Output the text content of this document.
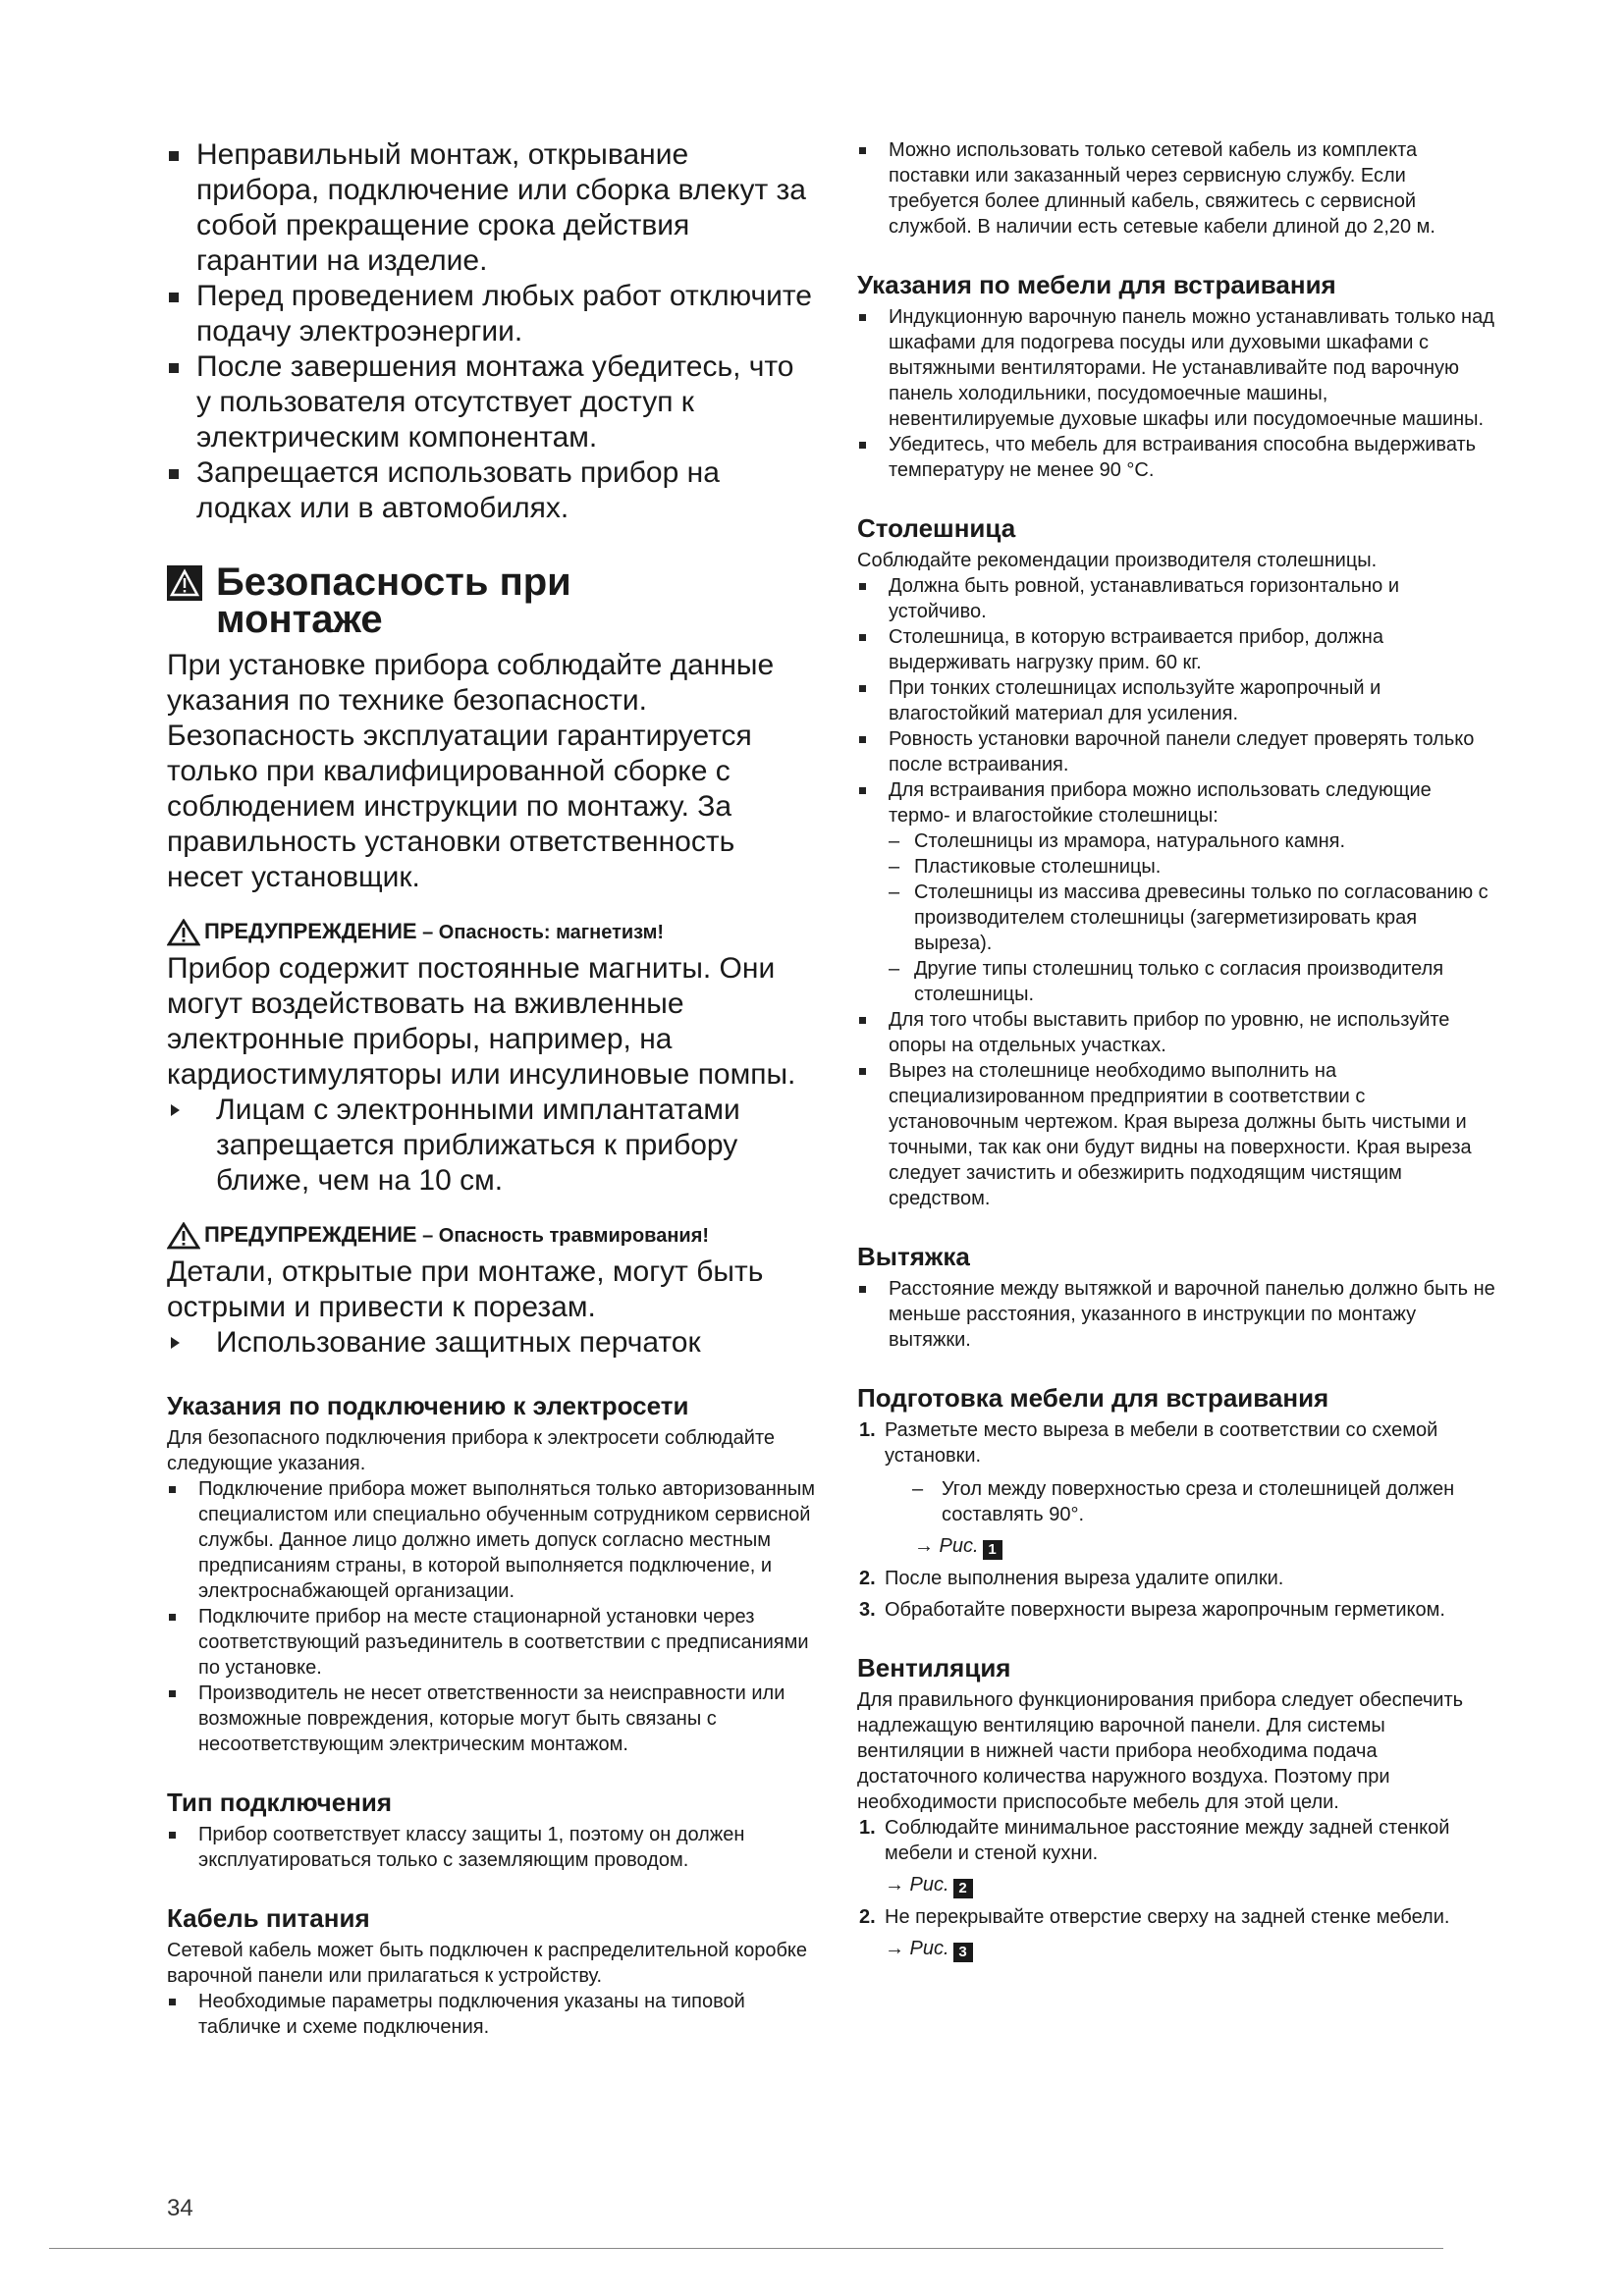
Неправильный монтаж, открывание прибора, подключение или сборка влекут за собой прекращение срока действия гарантии на изделие.
Перед проведением любых работ отключите подачу электроэнергии.
После завершения монтажа убедитесь, что у пользователя отсутствует доступ к электрическим компонентам.
Запрещается использовать прибор на лодках или в автомобилях.
Безопасность при
монтаже

При установке прибора соблюдайте данные указания по технике безопасности.

Безопасность эксплуатации гарантируется только при квалифицированной сборке с соблюдением инструкции по монтажу. За правильность установки ответственность несет установщик.

ПРЕДУПРЕЖДЕНИЕ – Опасность: магнетизм!

Прибор содержит постоянные магниты. Они могут воздействовать на вживленные электронные приборы, например, на кардиостимуляторы или инсулиновые помпы.

Лицам с электронными имплантатами запрещается приближаться к прибору ближе, чем на 10 см.
ПРЕДУПРЕЖДЕНИЕ – Опасность травмирования!

Детали, открытые при монтаже, могут быть острыми и привести к порезам.

Использование защитных перчаток
Указания по подключению к электросети

Для безопасного подключения прибора к электросети соблюдайте следующие указания.

Подключение прибора может выполняться только авторизованным специалистом или специально обученным сотрудником сервисной службы. Данное лицо должно иметь допуск согласно местным предписаниям страны, в которой выполняется подключение, и электроснабжающей организации.
Подключите прибор на месте стационарной установки через соответствующий разъединитель в соответствии с предписаниями по установке.
Производитель не несет ответственности за неисправности или возможные повреждения, которые могут быть связаны с несоответствующим электрическим монтажом.
Тип подключения
Прибор соответствует классу защиты 1, поэтому он должен эксплуатироваться только с заземляющим проводом.
Кабель питания

Сетевой кабель может быть подключен к распределительной коробке варочной панели или прилагаться к устройству.

Необходимые параметры подключения указаны на типовой табличке и схеме подключения.
Можно использовать только сетевой кабель из комплекта поставки или заказанный через сервисную службу. Если требуется более длинный кабель, свяжитесь с сервисной службой. В наличии есть сетевые кабели длиной до 2,20 м.
Указания по мебели для встраивания
Индукционную варочную панель можно устанавливать только над шкафами для подогрева посуды или духовыми шкафами с вытяжными вентиляторами. Не устанавливайте под варочную панель холодильники, посудомоечные машины, невентилируемые духовые шкафы или посудомоечные машины.
Убедитесь, что мебель для встраивания способна выдерживать температуру не менее 90 °С.
Столешница

Соблюдайте рекомендации производителя столешницы.

Должна быть ровной, устанавливаться горизонтально и устойчиво.
Столешница, в которую встраивается прибор, должна выдерживать нагрузку прим. 60 кг.
При тонких столешницах используйте жаропрочный и влагостойкий материал для усиления.
Ровность установки варочной панели следует проверять только после встраивания.
Для встраивания прибора можно использовать следующие термо- и влагостойкие столешницы:
– Столешницы из мрамора, натурального камня.
– Пластиковые столешницы.
– Столешницы из массива древесины только по согласованию с производителем столешницы (загерметизировать края выреза).
– Другие типы столешниц только с согласия производителя столешницы.
Для того чтобы выставить прибор по уровню, не используйте опоры на отдельных участках.
Вырез на столешнице необходимо выполнить на специализированном предприятии в соответствии с установочным чертежом. Края выреза должны быть чистыми и точными, так как они будут видны на поверхности. Края выреза следует зачистить и обезжирить подходящим чистящим средством.
Вытяжка
Расстояние между вытяжкой и варочной панелью должно быть не меньше расстояния, указанного в инструкции по монтажу вытяжки.
Подготовка мебели для встраивания
1. Разметьте место выреза в мебели в соответствии со схемой установки.
– Угол между поверхностью среза и столешницей должен составлять 90°.
→ Рис. 1
2. После выполнения выреза удалите опилки.
3. Обработайте поверхности выреза жаропрочным герметиком.
Вентиляция

Для правильного функционирования прибора следует обеспечить надлежащую вентиляцию варочной панели. Для системы вентиляции в нижней части прибора необходима подача достаточного количества наружного воздуха. Поэтому при необходимости приспособьте мебель для этой цели.

1. Соблюдайте минимальное расстояние между задней стенкой мебели и стеной кухни.
→ Рис. 2
2. Не перекрывайте отверстие сверху на задней стенке мебели.
→ Рис. 3
34
